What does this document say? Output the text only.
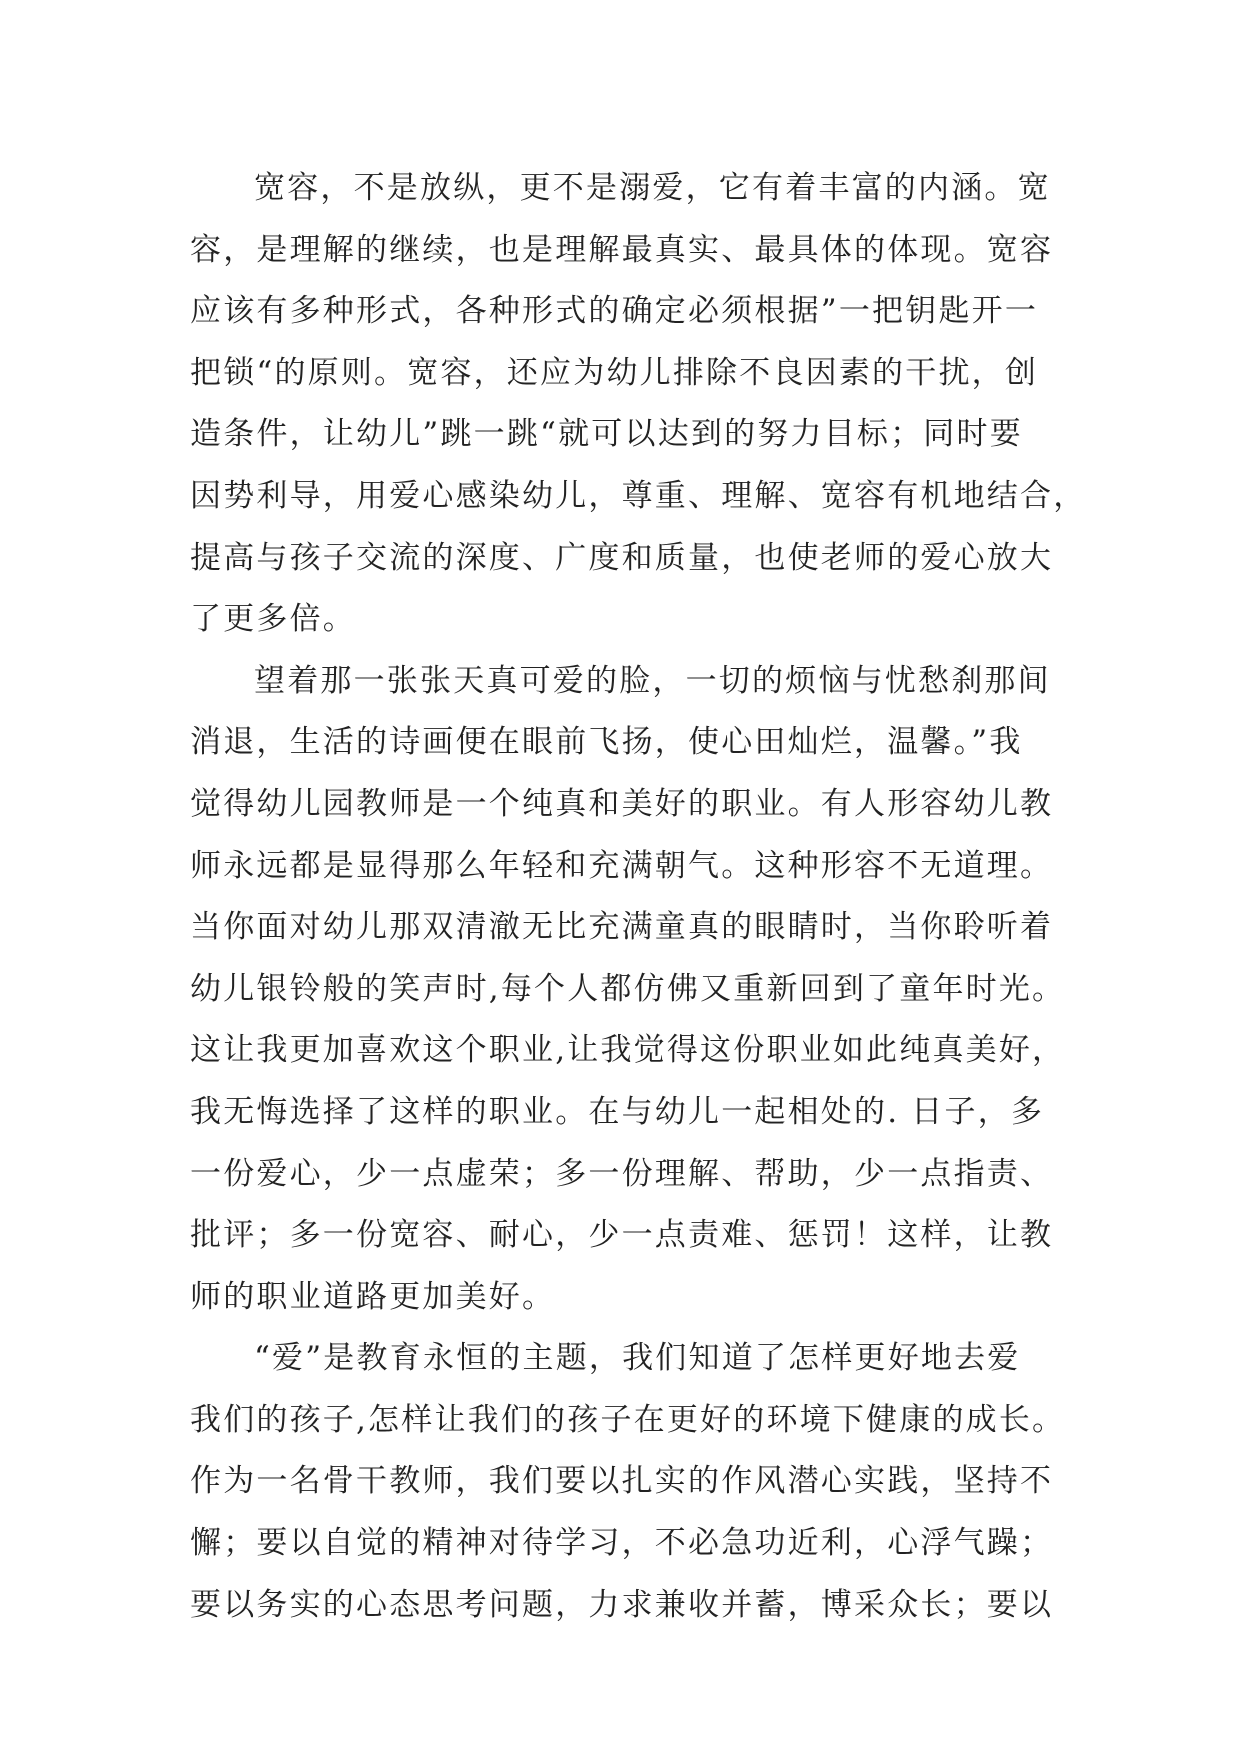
宽容，不是放纵，更不是溺爱，它有着丰富的内涵。宽
容，是理解的继续，也是理解最真实、最具体的体现。宽容
应该有多种形式，各种形式的确定必须根据”一把钥匙开一
把锁“的原则。宽容，还应为幼儿排除不良因素的干扰，创
造条件，让幼儿”跳一跳“就可以达到的努力目标；同时要
因势利导，用爱心感染幼儿，尊重、理解、宽容有机地结合，
提高与孩子交流的深度、广度和质量，也使老师的爱心放大
了更多倍。
望着那一张张天真可爱的脸，一切的烦恼与忧愁刹那间
消退，生活的诗画便在眼前飞扬，使心田灿烂，温馨。”我
觉得幼儿园教师是一个纯真和美好的职业。有人形容幼儿教
师永远都是显得那么年轻和充满朝气。这种形容不无道理。
当你面对幼儿那双清澈无比充满童真的眼睛时，当你聆听着
幼儿银铃般的笑声时,每个人都仿佛又重新回到了童年时光。
这让我更加喜欢这个职业,让我觉得这份职业如此纯真美好，
我无悔选择了这样的职业。在与幼儿一起相处的. 日子，多
一份爱心，少一点虚荣；多一份理解、帮助，少一点指责、
批评；多一份宽容、耐心，少一点责难、惩罚！这样，让教
师的职业道路更加美好。
“爱”是教育永恒的主题，我们知道了怎样更好地去爱
我们的孩子,怎样让我们的孩子在更好的环境下健康的成长。
作为一名骨干教师，我们要以扎实的作风潜心实践，坚持不
懈；要以自觉的精神对待学习，不必急功近利，心浮气躁；
要以务实的心态思考问题，力求兼收并蓄，博采众长；要以
